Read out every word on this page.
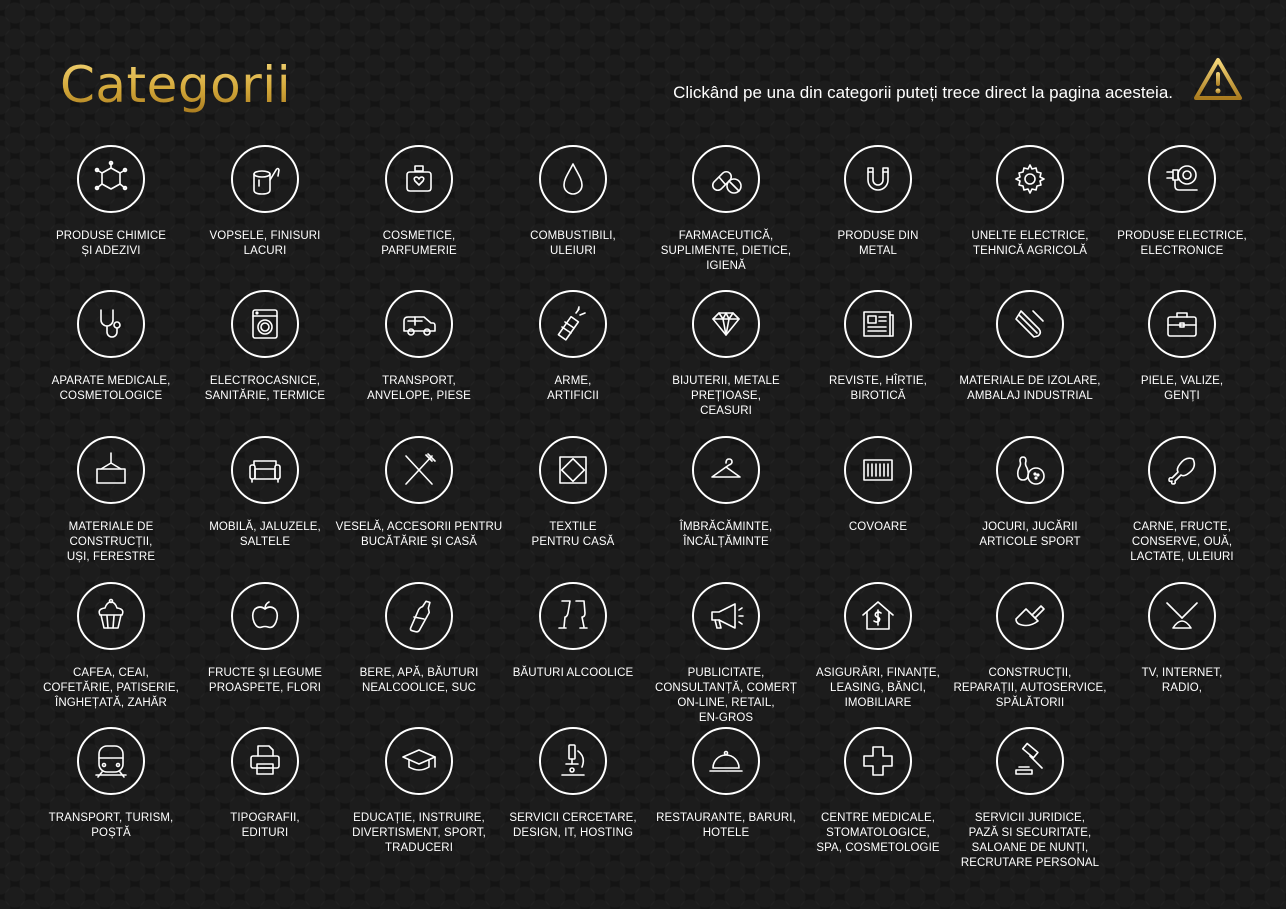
Categorii	Clickând pe una din categorii puteți trece direct la pagina acesteia.
PRODUSE CHIMICE
ȘI ADEZIVI
VOPSELE, FINISURI
LACURI
COSMETICE,
PARFUMERIE
COMBUSTIBILI,
ULEIURI
FARMACEUTICĂ,
SUPLIMENTE, DIETICE,
IGIENĂ
PRODUSE DIN
METAL
UNELTE ELECTRICE,
TEHNICĂ AGRICOLĂ
PRODUSE ELECTRICE,
ELECTRONICE
APARATE MEDICALE,
COSMETOLOGICE
ELECTROCASNICE,
SANITĂRIE, TERMICE
TRANSPORT,
ANVELOPE, PIESE
ARME,
ARTIFICII
BIJUTERII, METALE PREȚIOASE,
CEASURI
REVISTE, HÎRTIE,
BIROTICĂ
MATERIALE DE IZOLARE,
AMBALAJ INDUSTRIAL
PIELE, VALIZE,
GENȚI
MATERIALE DE
CONSTRUCȚII,
UȘI, FERESTRE
MOBILĂ, JALUZELE,
SALTELE
VESELĂ, ACCESORII PENTRU
BUCĂTĂRIE ȘI CASĂ
TEXTILE
PENTRU CASĂ
ÎMBRĂCĂMINTE,
ÎNCĂLȚĂMINTE
COVOARE	JOCURI, JUCĂRII
ARTICOLE SPORT
CARNE, FRUCTE,
CONSERVE, OUĂ,
LACTATE, ULEIURI
CAFEA, CEAI,
COFETĂRIE, PATISERIE,
ÎNGHEȚATĂ, ZAHĂR
FRUCTE ȘI LEGUME
PROASPETE, FLORI
BERE, APĂ, BĂUTURI
NEALCOOLICE, SUC
BĂUTURI ALCOOLICE	PUBLICITATE,
CONSULTANȚĂ, COMERȚ
ON-LINE, RETAIL,
EN-GROS
ASIGURĂRI, FINANȚE,
LEASING, BĂNCI,
IMOBILIARE
CONSTRUCȚII,
REPARAȚII, AUTOSERVICE,
SPĂLĂTORII
TV, INTERNET,
RADIO,
TRANSPORT, TURISM,
POȘTĂ
TIPOGRAFII,
EDITURI
EDUCAȚIE, INSTRUIRE,
DIVERTISMENT, SPORT,
TRADUCERI
SERVICII CERCETARE,
DESIGN, IT, HOSTING
RESTAURANTE, BARURI,
HOTELE
CENTRE MEDICALE,
STOMATOLOGICE,
SPA, COSMETOLOGIE
SERVICII JURIDICE,
PAZĂ SI SECURITATE,
SALOANE DE NUNȚI,
RECRUTARE PERSONAL
